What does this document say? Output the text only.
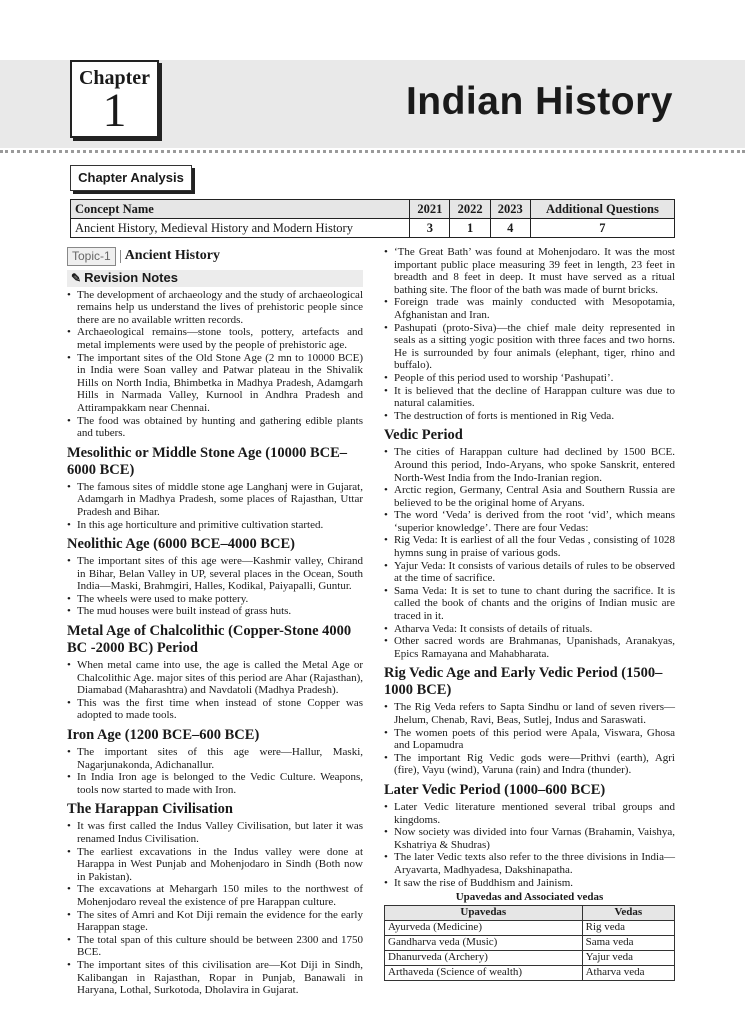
Chapter
1	Indian History
Chapter Analysis
Concept Name	2021	2022	2023	Additional Questions
Ancient History, Medieval History and Modern History	3	1	4	7
Topic-1	Ancient History
✎ Revision Notes
• The development of archaeology and the study of archaeological remains help us understand the lives of prehistoric people since there are no available written records.
• Archaeological remains—stone tools, pottery, artefacts and metal implements were used by the people of prehistoric age.
• The important sites of the Old Stone Age (2 mn to 10000 BCE) in India were Soan valley and Patwar plateau in the Shivalik Hills on North India, Bhimbetka in Madhya Pradesh, Adamgarh Hills in Narmada Valley, Kurnool in Andhra Pradesh and Attirampakkam near Chennai.
• The food was obtained by hunting and gathering edible plants and tubers.
Mesolithic or Middle Stone Age (10000 BCE–6000 BCE)
• The famous sites of middle stone age Langhanj were in Gujarat, Adamgarh in Madhya Pradesh, some places of Rajasthan, Uttar Pradesh and Bihar.
• In this age horticulture and primitive cultivation started.
Neolithic Age (6000 BCE–4000 BCE)
• The important sites of this age were—Kashmir valley, Chirand in Bihar, Belan Valley in UP, several places in the Ocean, South India—Maski, Brahmgiri, Halles, Kodikal, Paiyapalli, Guntur.
• The wheels were used to make pottery.
• The mud houses were built instead of grass huts.
Metal Age of Chalcolithic (Copper-Stone 4000 BC -2000 BC) Period
• When metal came into use, the age is called the Metal Age or Chalcolithic Age. major sites of this period are Ahar (Rajasthan), Diamabad (Maharashtra) and Navdatoli (Madhya Pradesh).
• This was the first time when instead of stone Copper was adopted to made tools.
Iron Age (1200 BCE–600 BCE)
• The important sites of this age were—Hallur, Maski, Nagarjunakonda, Adichanallur.
• In India Iron age is belonged to the Vedic Culture. Weapons, tools now started to made with Iron.
The Harappan Civilisation
• It was first called the Indus Valley Civilisation, but later it was renamed Indus Civilisation.
• The earliest excavations in the Indus valley were done at Harappa in West Punjab and Mohenjodaro in Sindh (Both now in Pakistan).
• The excavations at Mehargarh 150 miles to the northwest of Mohenjodaro reveal the existence of pre Harappan culture.
• The sites of Amri and Kot Diji remain the evidence for the early Harappan stage.
• The total span of this culture should be between 2300 and 1750 BCE.
• The important sites of this civilisation are—Kot Diji in Sindh, Kalibangan in Rajasthan, Ropar in Punjab, Banawali in Haryana, Lothal, Surkotoda, Dholavira in Gujarat.
• ‘The Great Bath’ was found at Mohenjodaro. It was the most important public place measuring 39 feet in length, 23 feet in breadth and 8 feet in deep. It must have served as a ritual bathing site. The floor of the bath was made of burnt bricks.
• Foreign trade was mainly conducted with Mesopotamia, Afghanistan and Iran.
• Pashupati (proto-Siva)—the chief male deity represented in seals as a sitting yogic position with three faces and two horns. He is surrounded by four animals (elephant, tiger, rhino and buffalo).
• People of this period used to worship ‘Pashupati’.
• It is believed that the decline of Harappan culture was due to natural calamities.
• The destruction of forts is mentioned in Rig Veda.
Vedic Period
• The cities of Harappan culture had declined by 1500 BCE. Around this period, Indo-Aryans, who spoke Sanskrit, entered North-West India from the Indo-Iranian region.
• Arctic region, Germany, Central Asia and Southern Russia are believed to be the original home of Aryans.
• The word ‘Veda’ is derived from the root ‘vid’, which means ‘superior knowledge’. There are four Vedas:
• Rig Veda: It is earliest of all the four Vedas , consisting of 1028 hymns sung in praise of various gods.
• Yajur Veda: It consists of various details of rules to be observed at the time of sacrifice.
• Sama Veda: It is set to tune to chant during the sacrifice. It is called the book of chants and the origins of Indian music are traced in it.
• Atharva Veda: It consists of details of rituals.
• Other sacred words are Brahmanas, Upanishads, Aranakyas, Epics Ramayana and Mahabharata.
Rig Vedic Age and Early Vedic Period (1500–1000 BCE)
• The Rig Veda refers to Sapta Sindhu or land of seven rivers—Jhelum, Chenab, Ravi, Beas, Sutlej, Indus and Saraswati.
• The women poets of this period were Apala, Viswara, Ghosa and Lopamudra
• The important Rig Vedic gods were—Prithvi (earth), Agri (fire), Vayu (wind), Varuna (rain) and Indra (thunder).
Later Vedic Period (1000–600 BCE)
• Later Vedic literature mentioned several tribal groups and kingdoms.
• Now society was divided into four Varnas (Brahamin, Vaishya, Kshatriya & Shudras)
• The later Vedic texts also refer to the three divisions in India—Aryavarta, Madhyadesa, Dakshinapatha.
• It saw the rise of Buddhism and Jainism.
Upavedas and Associated vedas
Upavedas	Vedas
Ayurveda (Medicine)	Rig veda
Gandharva veda (Music)	Sama veda
Dhanurveda (Archery)	Yajur veda
Arthaveda (Science of wealth)	Atharva veda
